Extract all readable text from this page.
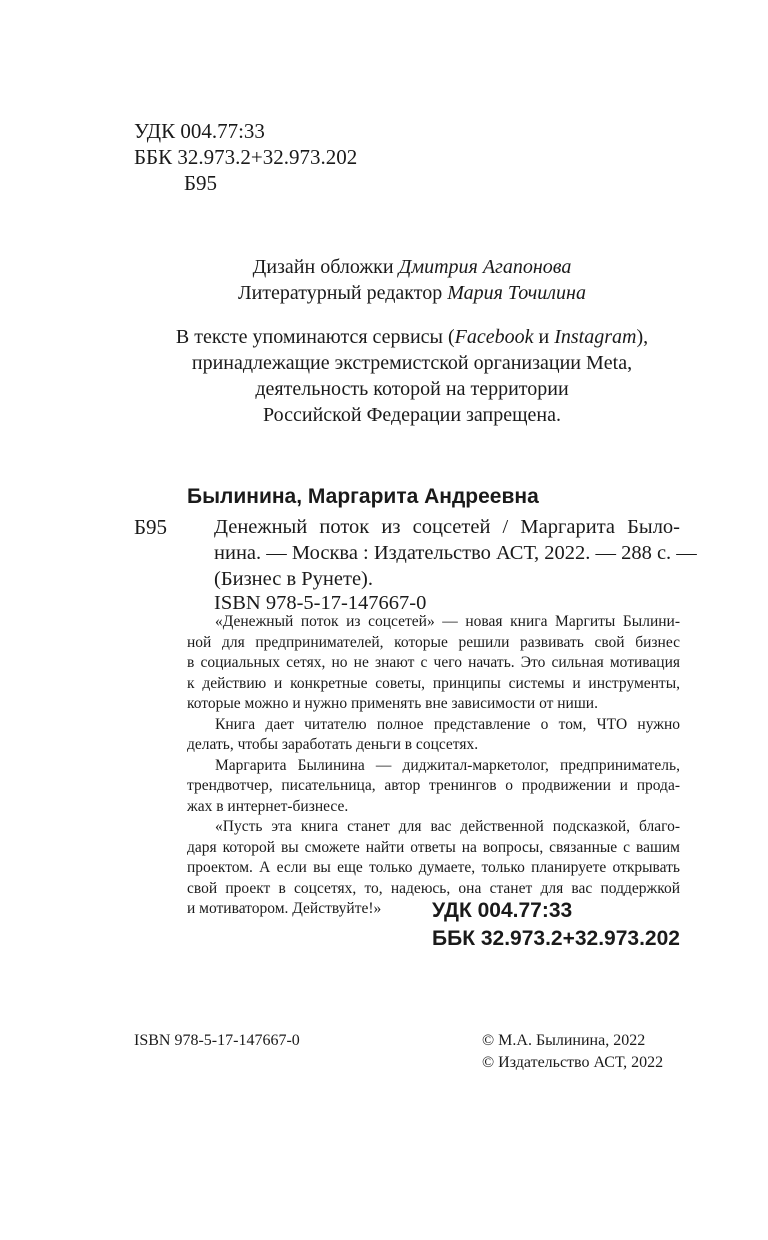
УДК 004.77:33
ББК 32.973.2+32.973.202
Б95
Дизайн обложки Дмитрия Агапонова
Литературный редактор Мария Точилина
В тексте упоминаются сервисы (Facebook и Instagram),
принадлежащие экстремистской организации Meta,
деятельность которой на территории
Российской Федерации запрещена.
Былинина, Маргарита Андреевна
Б95 Денежный поток из соцсетей / Маргарита Было-
нина. — Москва : Издательство АСТ, 2022. — 288 с. —
(Бизнес в Рунете).
ISBN 978-5-17-147667-0
«Денежный поток из соцсетей» — новая книга Маргиты Былини-
ной для предпринимателей, которые решили развивать свой бизнес
в социальных сетях, но не знают с чего начать. Это сильная мотивация
к действию и конкретные советы, принципы системы и инструменты,
которые можно и нужно применять вне зависимости от ниши.
Книга дает читателю полное представление о том, ЧТО нужно
делать, чтобы заработать деньги в соцсетях.
Маргарита Былинина — диджитал-маркетолог, предприниматель,
трендвотчер, писательница, автор тренингов о продвижении и прода-
жах в интернет-бизнесе.
«Пусть эта книга станет для вас действенной подсказкой, благо-
даря которой вы сможете найти ответы на вопросы, связанные с вашим
проектом. А если вы еще только думаете, только планируете открывать
свой проект в соцсетях, то, надеюсь, она станет для вас поддержкой
и мотиватором. Действуйте!»	УДК 004.77:33
ББК 32.973.2+32.973.202
ISBN 978-5-17-147667-0	© М.А. Былинина, 2022
© Издательство АСТ, 2022
